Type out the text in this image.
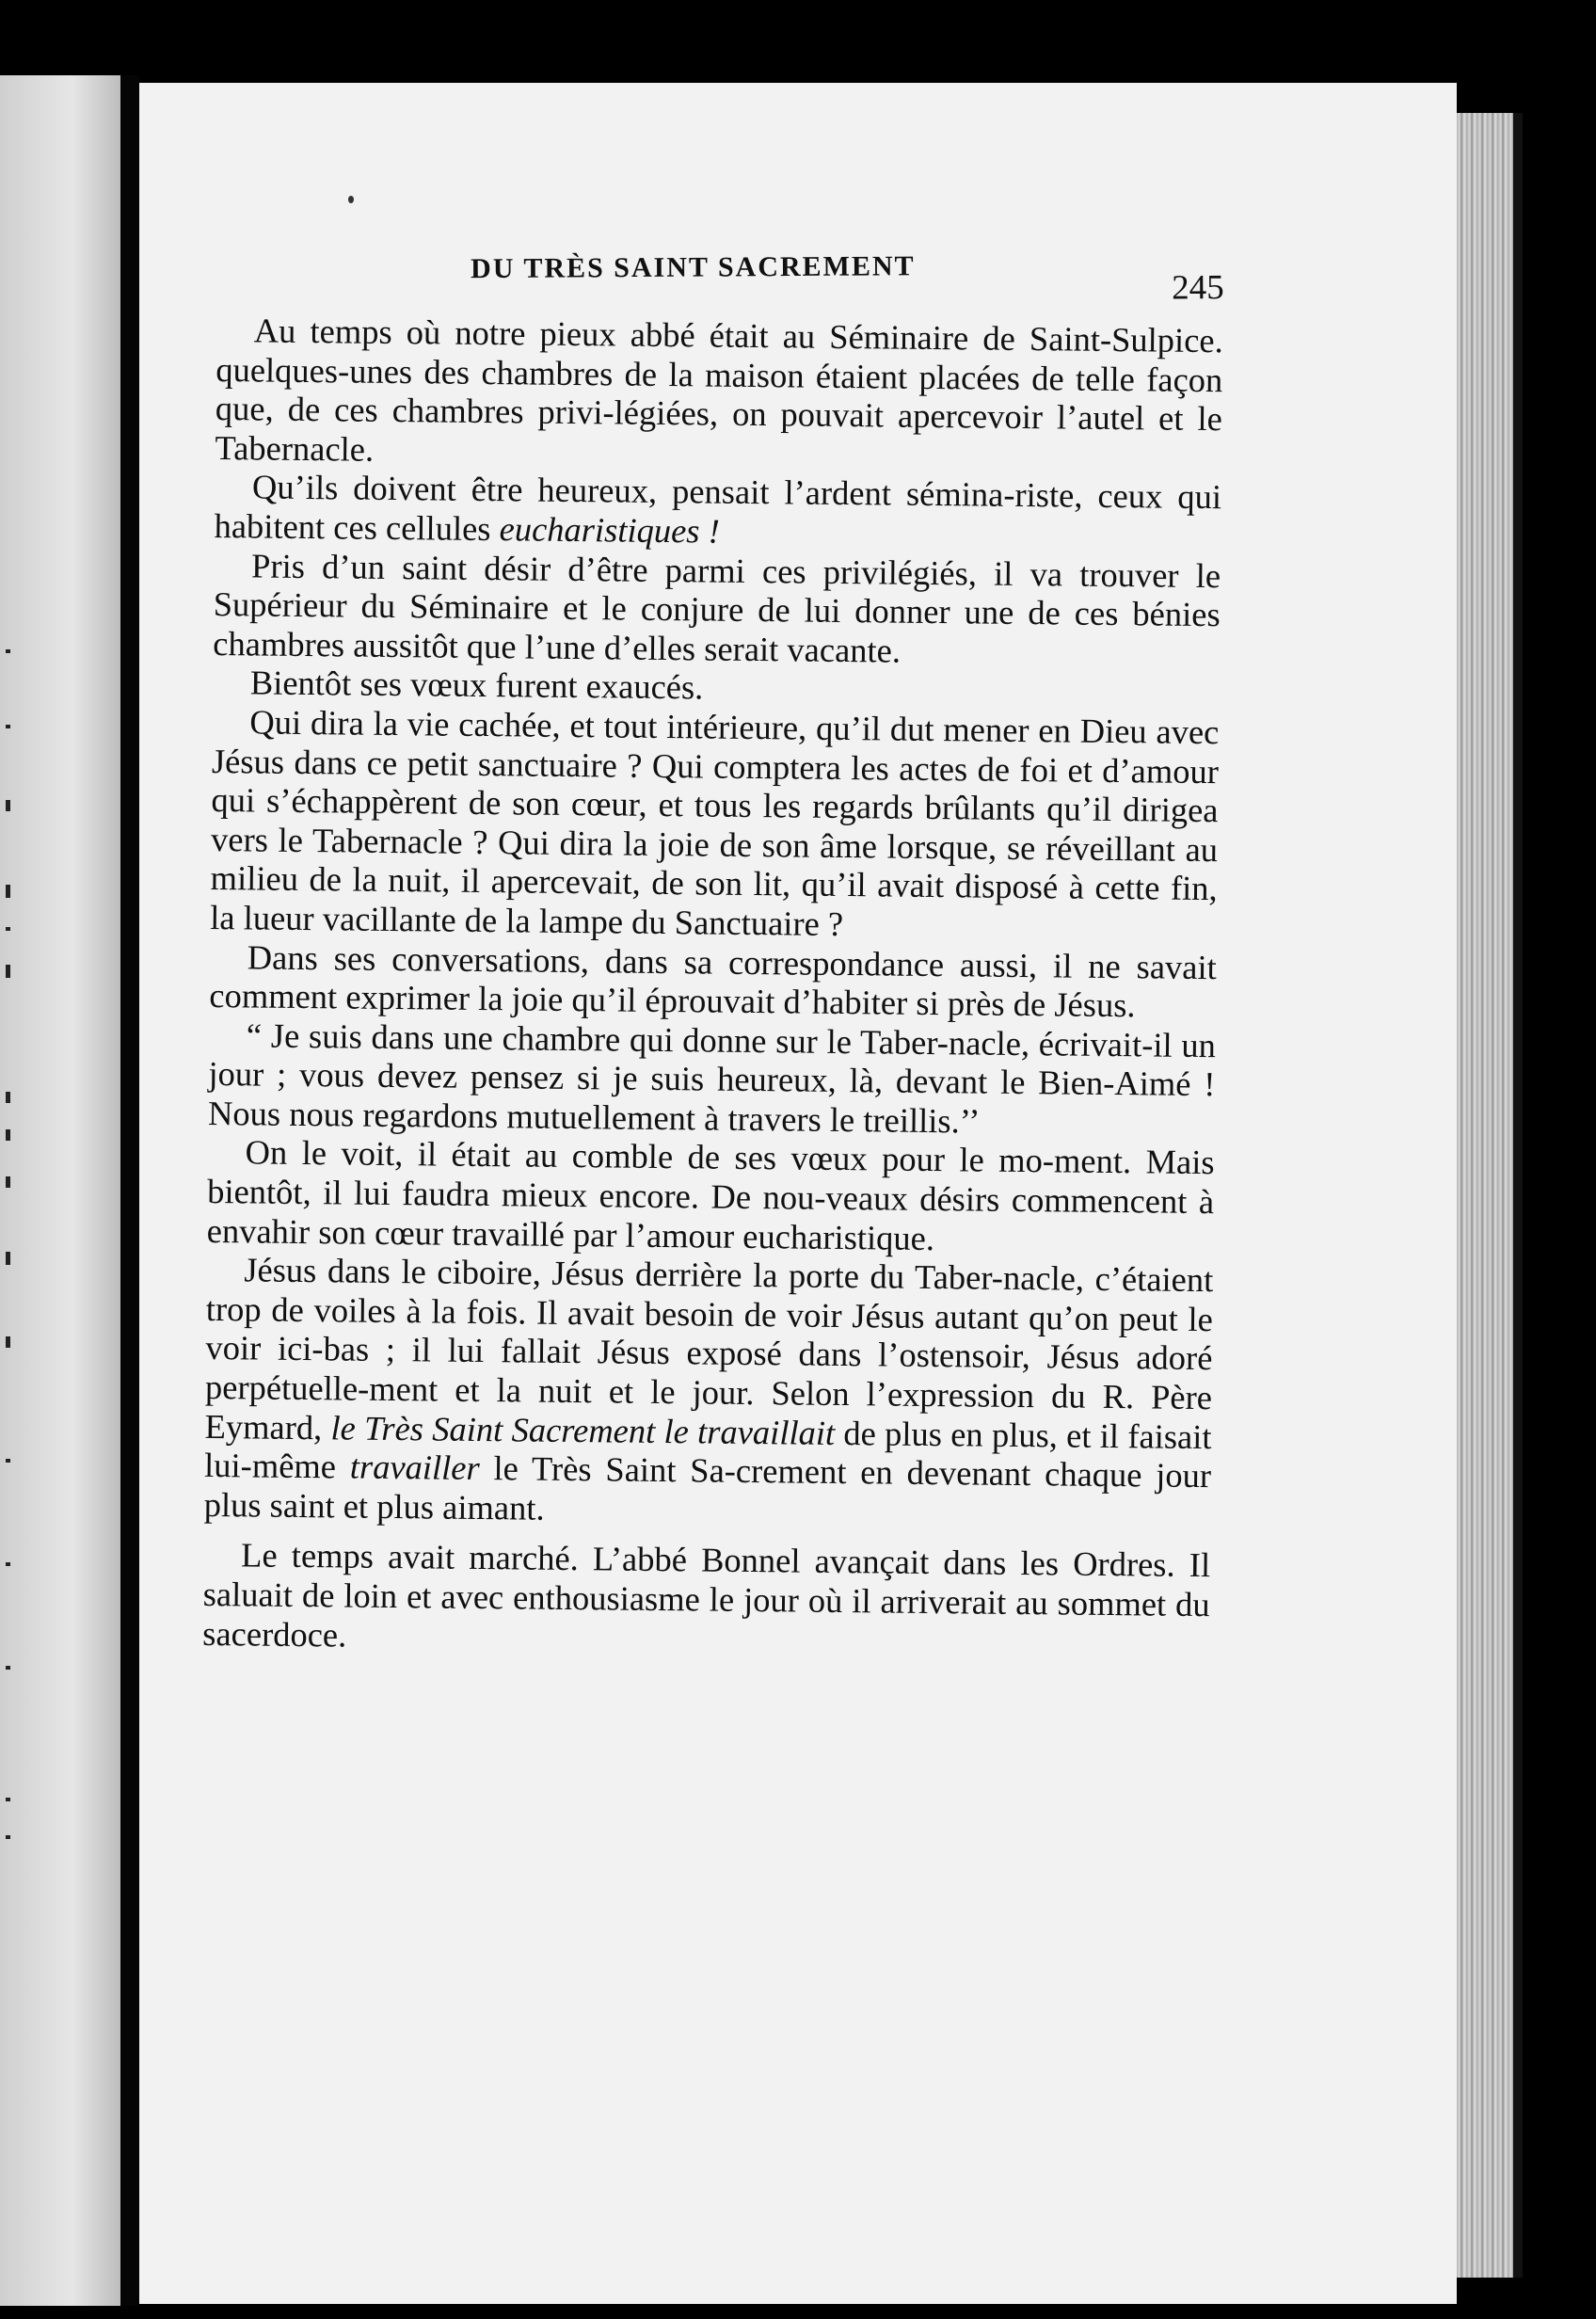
DU TRÈS SAINT SACREMENT
245

Au temps où notre pieux abbé était au Séminaire de Saint-Sulpice. quelques-unes des chambres de la maison étaient placées de telle façon que, de ces chambres privi-légiées, on pouvait apercevoir l’autel et le Tabernacle.

Qu’ils doivent être heureux, pensait l’ardent sémina-riste, ceux qui habitent ces cellules eucharistiques !

Pris d’un saint désir d’être parmi ces privilégiés, il va trouver le Supérieur du Séminaire et le conjure de lui donner une de ces bénies chambres aussitôt que l’une d’elles serait vacante.

Bientôt ses vœux furent exaucés.

Qui dira la vie cachée, et tout intérieure, qu’il dut mener en Dieu avec Jésus dans ce petit sanctuaire ? Qui comptera les actes de foi et d’amour qui s’échappèrent de son cœur, et tous les regards brûlants qu’il dirigea vers le Tabernacle ? Qui dira la joie de son âme lorsque, se réveillant au milieu de la nuit, il apercevait, de son lit, qu’il avait disposé à cette fin, la lueur vacillante de la lampe du Sanctuaire ?

Dans ses conversations, dans sa correspondance aussi, il ne savait comment exprimer la joie qu’il éprouvait d’habiter si près de Jésus.

“ Je suis dans une chambre qui donne sur le Taber-nacle, écrivait-il un jour ; vous devez pensez si je suis heureux, là, devant le Bien-Aimé ! Nous nous regardons mutuellement à travers le treillis.’’

On le voit, il était au comble de ses vœux pour le mo-ment. Mais bientôt, il lui faudra mieux encore. De nou-veaux désirs commencent à envahir son cœur travaillé par l’amour eucharistique.

Jésus dans le ciboire, Jésus derrière la porte du Taber-nacle, c’étaient trop de voiles à la fois. Il avait besoin de voir Jésus autant qu’on peut le voir ici-bas ; il lui fallait Jésus exposé dans l’ostensoir, Jésus adoré perpétuelle-ment et la nuit et le jour. Selon l’expression du R. Père Eymard, le Très Saint Sacrement le travaillait de plus en plus, et il faisait lui-même travailler le Très Saint Sa-crement en devenant chaque jour plus saint et plus aimant.

Le temps avait marché. L’abbé Bonnel avançait dans les Ordres. Il saluait de loin et avec enthousiasme le jour où il arriverait au sommet du sacerdoce.
